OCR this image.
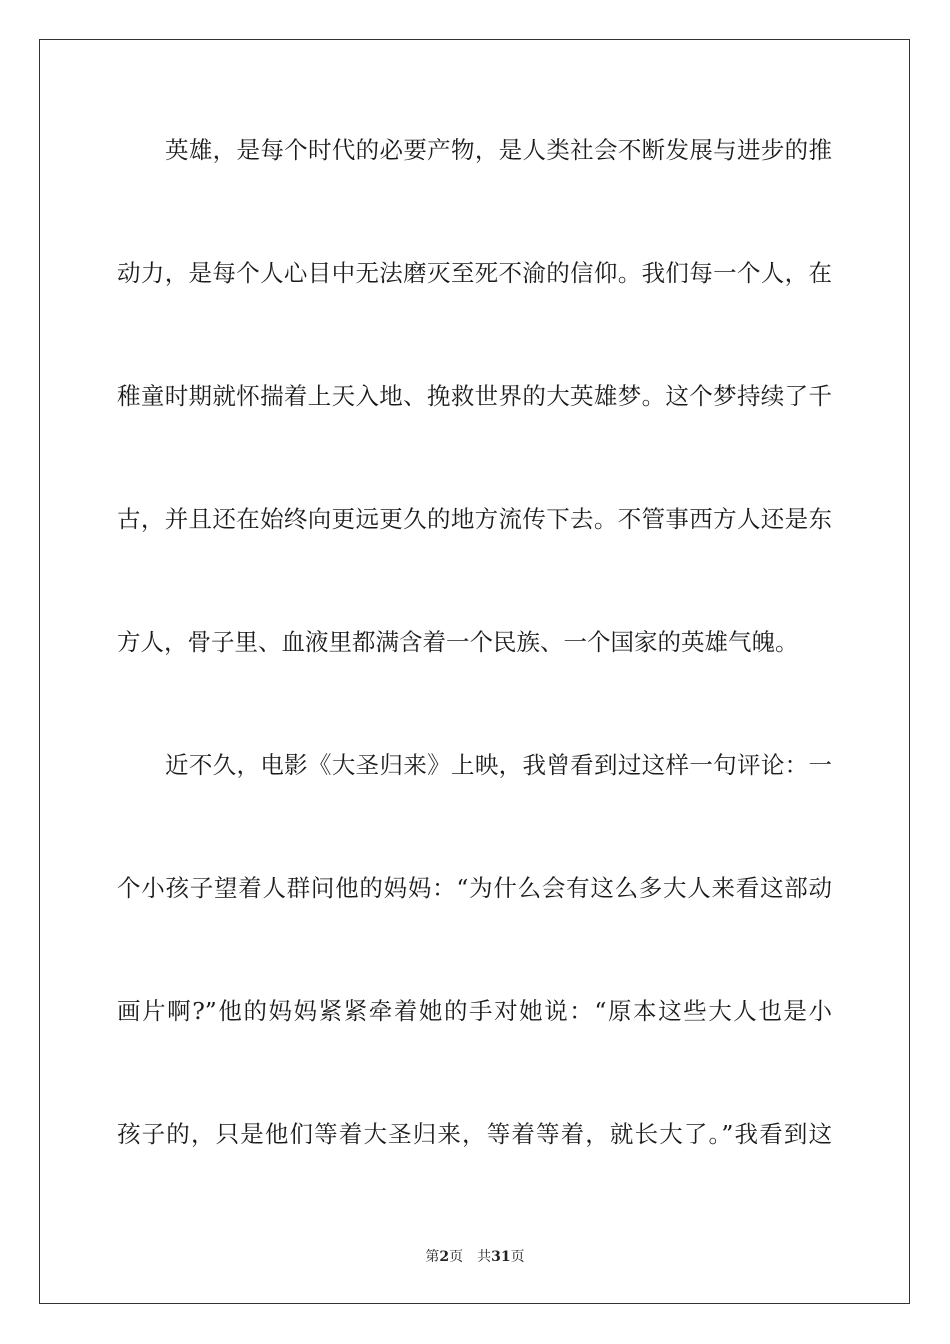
英雄，是每个时代的必要产物，是人类社会不断发展与进步的推
动力，是每个人心目中无法磨灭至死不渝的信仰。我们每一个人，在
稚童时期就怀揣着上天入地、挽救世界的大英雄梦。这个梦持续了千
古，并且还在始终向更远更久的地方流传下去。不管事西方人还是东
方人，骨子里、血液里都满含着一个民族、一个国家的英雄气魄。
近不久，电影《大圣归来》上映，我曾看到过这样一句评论：一
个小孩子望着人群问他的妈妈：“为什么会有这么多大人来看这部动
画片啊?”他的妈妈紧紧牵着她的手对她说：“原本这些大人也是小
孩子的，只是他们等着大圣归来，等着等着，就长大了。”我看到这
第2页 共31页
